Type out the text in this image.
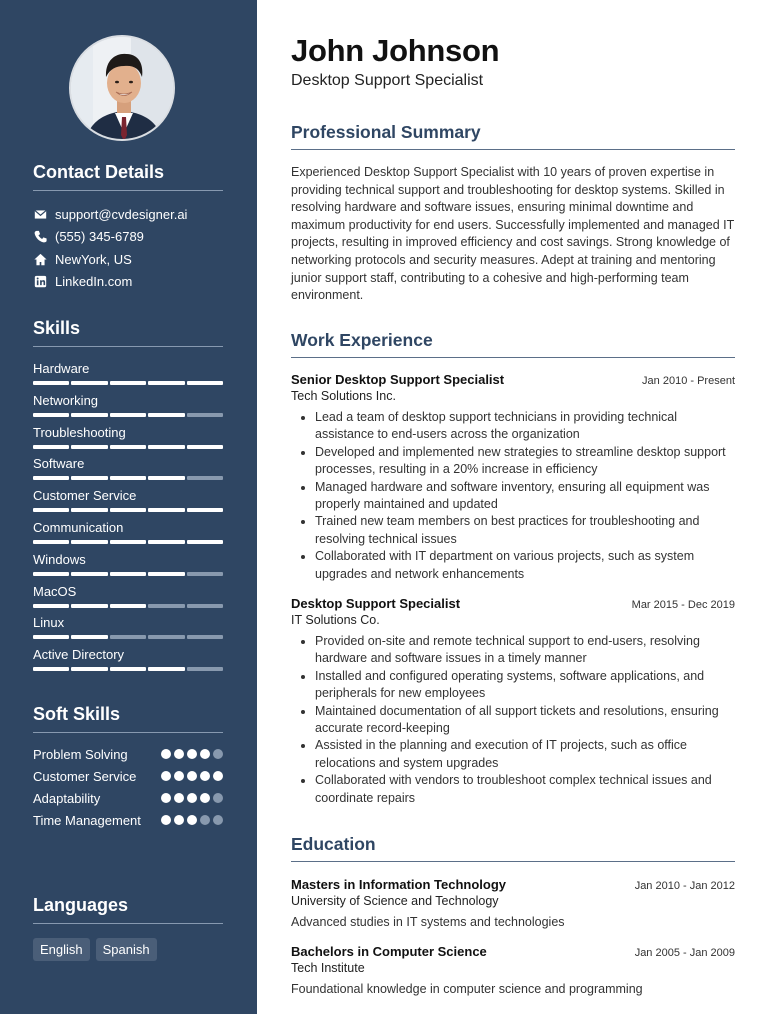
Contact Details
support@cvdesigner.ai
(555) 345-6789
NewYork, US
LinkedIn.com
Skills
Hardware
Networking
Troubleshooting
Software
Customer Service
Communication
Windows
MacOS
Linux
Active Directory
Soft Skills
Problem Solving
Customer Service
Adaptability
Time Management
Languages
English	Spanish
John Johnson
Desktop Support Specialist
Professional Summary

Experienced Desktop Support Specialist with 10 years of proven expertise in providing technical support and troubleshooting for desktop systems. Skilled in resolving hardware and software issues, ensuring minimal downtime and maximum productivity for end users. Successfully implemented and managed IT projects, resulting in improved efficiency and cost savings. Strong knowledge of networking protocols and security measures. Adept at training and mentoring junior support staff, contributing to a cohesive and high-performing team environment.

Work Experience
Senior Desktop Support Specialist	Jan 2010 - Present
Tech Solutions Inc.
• Lead a team of desktop support technicians in providing technical assistance to end-users across the organization
• Developed and implemented new strategies to streamline desktop support processes, resulting in a 20% increase in efficiency
• Managed hardware and software inventory, ensuring all equipment was properly maintained and updated
• Trained new team members on best practices for troubleshooting and resolving technical issues
• Collaborated with IT department on various projects, such as system upgrades and network enhancements
Desktop Support Specialist	Mar 2015 - Dec 2019
IT Solutions Co.
• Provided on-site and remote technical support to end-users, resolving hardware and software issues in a timely manner
• Installed and configured operating systems, software applications, and peripherals for new employees
• Maintained documentation of all support tickets and resolutions, ensuring accurate record-keeping
• Assisted in the planning and execution of IT projects, such as office relocations and system upgrades
• Collaborated with vendors to troubleshoot complex technical issues and coordinate repairs
Education
Masters in Information Technology	Jan 2010 - Jan 2012
University of Science and Technology
Advanced studies in IT systems and technologies
Bachelors in Computer Science	Jan 2005 - Jan 2009
Tech Institute
Foundational knowledge in computer science and programming
